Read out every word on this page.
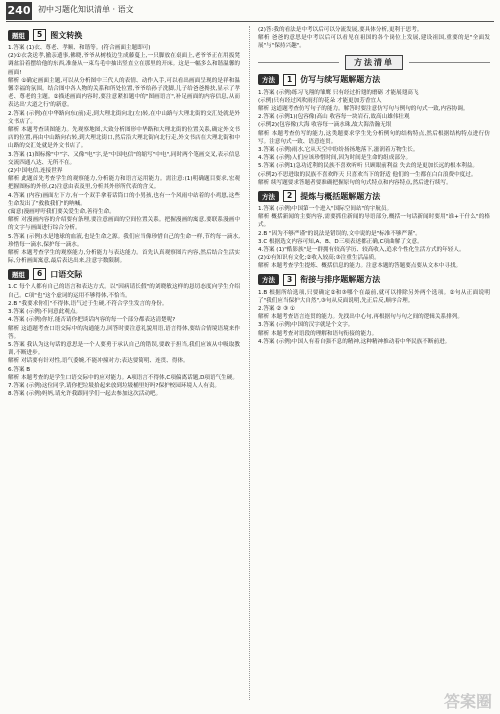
240 初中习题化知识清单 · 语文
题组	5	图文转换

1.答案 (1)衣、尊老、孝顺、和谐等。(符合画面主题即可)

(2)①衣衾送孝,撤亲遗事,佛晓,爷爷从树枝边生成藤蔓上,一只脚放在桌面上,老爷爷正在用扳凳调盆沿着摆给他的东西,准备从一束鸟毛中抽出竖直立在那里的开床。这是一幅多么和谐温馨的画面!

解析 ①确定画面主题,可以从分析图中三代人的表情、动作入手,可以看出画面呈现的是祥和温馨幸福的氛围。结合图中各人物的关系和所处位置,爷爷给孙子洗脚,儿子给爸爸搀扶,显示了孝老、尊老的主题。②描述画面内容时,要注意紧扣题中的"图画语言",补足画面的内容信息,从而表达出'大道之行'的新意。

2.答案 (示例)在中华路向东(前)走,到大理北街向北(左)转,在中山路与大理北街的交汇处就是外文书店了。

解析 本题考查读图能力。先观察地图,大致分析图形中华路和大理北街的位置关系,确定外文书店的位置,再由中山路向右转,到大理北街口,然后沿大理北街向北行走,外文书店在大理北街和中山路的交汇处就是外文书店了。

3.答案 (1)图标像"中"字、又像"电"字,是"中国电信"的缩写"中电",同时两个笔画交叉,表示信息交流四通八达、无所不在。

(2)中国电信,连接世界

解析 此题首先考查学生的观察能力,分析能力和语言运用能力。需注意:(1)明确题目要求,宏观把握图标的外形,(2)注意由表及里,分析其外形所代表的含义。

4.答案 (内容)画面左下方,有一个双手拿着话筒口的小男孩,也有一个风雨中站着的小鸡崽,这些生命发出了"救救我们"的呐喊。

(寓意)漫画呼吁我们要关爱生命,善待生命。

解析 对漫画内容的介绍要有条理,要注意画面的空间位置关系。把握漫画的寓意,要联系漫画中的文字与画面进行综合分析。

5.答案 (示例)水是地球的血液,也是生命之源。我们应当像珍惜自己的生命一样,节约每一滴水,珍惜每一滴水,保护每一滴水。

解析 本题考查学生的观察能力,分析能力与表达能力。首先认真观察图片内容,然后结合生活实际,分析画面寓意,最后表达出来,注意字数限制。

题组	6	口语交际

1.C 每个人都有自己的语言和表达方式。以"因病请长假"的刘晓敏这样的恳切态度向学生介绍自己。C项"也"这个虚词的运用不够得体,不恰当。

2.B "我要求你们"不得体,语气过于生硬,不符合学生发言的身份。

3.答案 (示例)不同意此观点。

4.答案 (示例)你好,能否请你把谈话内容的每一个部分都表达清楚呢?

解析 这道题考查口语交际中的沟通能力,回答时要注意礼貌用语,语言得体,要结合情境语境来作答。

5.答案 我认为这句话的意思是一个人要勇于承认自己的错误,要敢于担当,我们应该从中吸取教训,不断进步。

解析 对话要有针对性,语气委婉,不能冲撞对方;表达要简明、连贯、得体。

6.答案 B

解析 本题考查的是学生口语交际中的应对能力。A项语言不得体,C项偏离话题,D项语气生硬。

7.答案 (示例)这位同学,请你把垃圾拾起来放到垃圾桶里好吗?保护校园环境人人有责。

8.答案 (示例)妈妈,请允许我跟同学们一起去参加这次活动吧。

(2)答:我的看法是中考以后可以分流发展,要具体分析,更利于思考。

解析 爸爸的意思是中考以后可以看见在祖国的各个岗位上发展,建设祖国,重要的是"全面发展"与"保持兴趣"。

方法清单
方法	1	仿写与续写题解题方法

1.答案 (示例)练习飞翔的雏鹰 只有经过折翅的磨砺 才能展翅高飞

(示例)只有经过风吹雨打的花朵 才能更加芳香宜人

解析 这道题考查仿写句子的能力。解答时要注意仿写句与例句的句式一致,内容协调。

2.答案 (示例1)(包容像)高山 收容每一块岩石,故高山雄伟壮观

(示例2)(包容像)大海 收容每一滴水珠,故大海浩瀚无垠

解析 本题考查仿写的能力,这类题要求学生先分析例句的结构特点,然后根据结构特点进行仿写。注意句式一致、语意连贯。

3.答案 (示例)雨水,它从天空中纷纷扬扬地落下,滋润着万物生长。

4.答案 (示例)人们应该珍惜时间,因为时间是生命的组成部分。

5.答案 (示例1)急功近利的民族不喜欢听听 只顾眼前利益 失去的是更加长远的根本利益。

(示例2)不思进取的民族不喜欢昨天 只喜欢当下的舒适 他们的一生都在白白浪费中度过。

解析 续写题要求答题者要准确把握原句的句式特点和内容特点,然后进行续写。

方法	2	提炼与概括题解题方法

1.答案 (示例)中国第一个进入"国际空间站"的宇航员。

解析 概括新闻的主要内容,需要抓住新闻的导语部分,概括一句话新闻时要用"谁+干什么"的格式。

2.B "因为不够严谨"的说法是错误的,文中说的是"标准不够严谨"。

3.C 根据选文内容可知,A、B、D三项表述都正确,C项曲解了文意。

4.答案 (1)"酷影族"是一群拥有较高学历、较高收入,追求个性化生活方式的年轻人。

(2)①有知识有文化;②收入较高;③注重生活品质。

解析 本题考查学生提炼、概括信息的能力。注意本题的答题要点要从文本中寻找。

方法	3	衔接与排序题解题方法

1.B 根据所给选项,只要确定②和③哪个在最前,就可以排除另外两个选项。②句从正面说明了"我们应当保护大自然",③句从反面说明,先正后反,顺序合理。

2.答案 ② ③ ①

解析 本题考查语言连贯的能力。先找出中心句,再根据句与句之间的逻辑关系排列。

3.答案 (示例)中国的汉字就是个文字。

解析 本题考查对语段的理解和语句衔接的能力。

4.答案 (示例)中国人有着自强不息的精神,这种精神推动着中华民族不断前进。

答案圈
